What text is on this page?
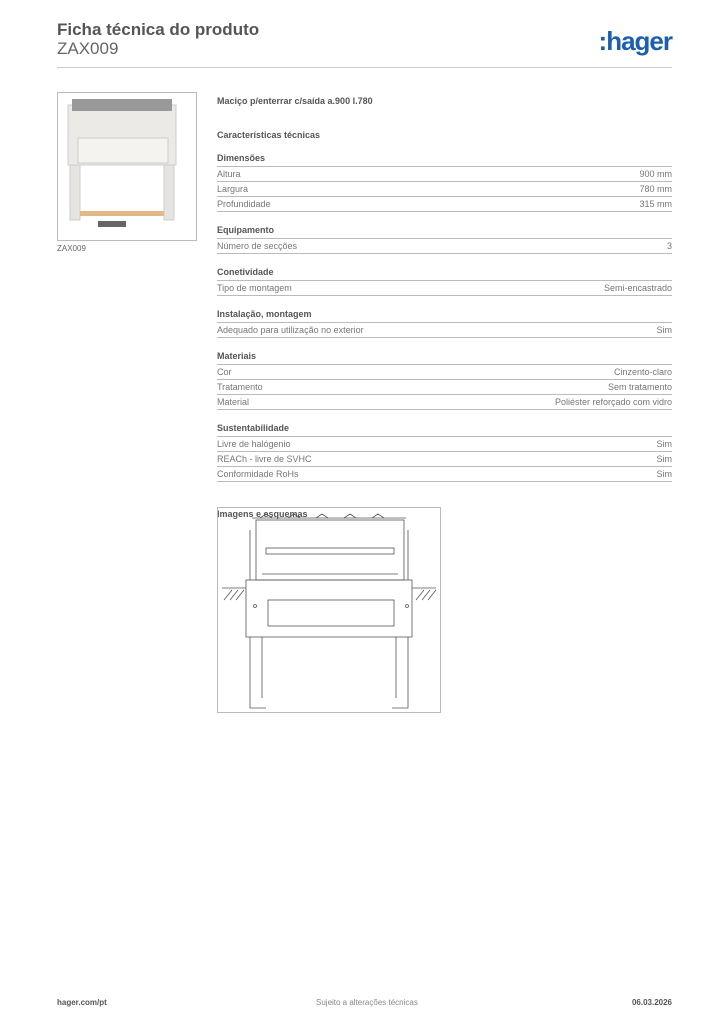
Ficha técnica do produto
ZAX009	:hager
ZAX009
Maciço p/enterrar c/saída a.900 l.780
Características técnicas
Dimensões
Altura	900 mm
Largura	780 mm
Profundidade	315 mm
Equipamento
Número de secções	3
Conetividade
Tipo de montagem	Semi-encastrado
Instalação, montagem
Adequado para utilização no exterior	Sim
Materiais
Cor	Cinzento-claro
Tratamento	Sem tratamento
Material	Poliéster reforçado com vidro
Sustentabilidade
Livre de halógenio	Sim
REACh - livre de SVHC	Sim
Conformidade RoHs	Sim
Imagens e esquemas
hager.com/pt	Sujeito a alterações técnicas	06.03.2026
